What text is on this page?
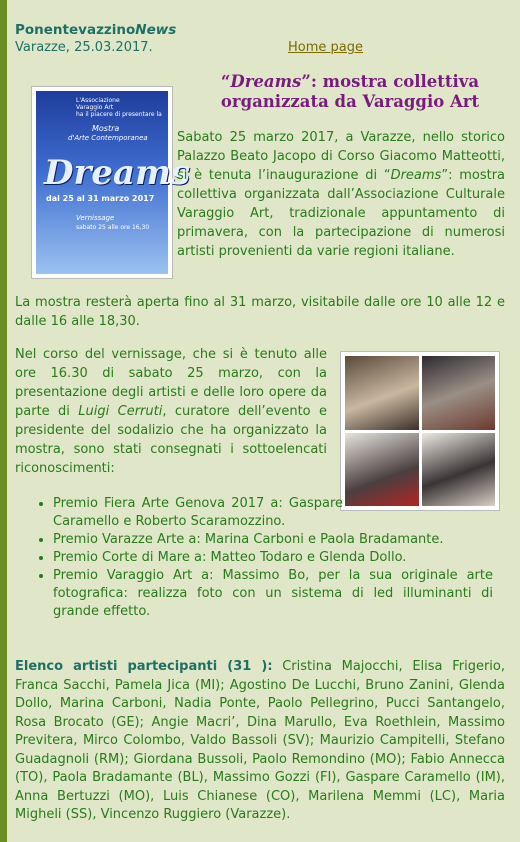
PonentevazzinoNews
Varazze, 25.03.2017.	Home page
“Dreams”: mostra collettiva organizzata da Varaggio Art
L'Associazione
Varaggio Art
ha il piacere di presentare la
Mostra
d'Arte Contemporanea
Dreams
dal 25 al 31 marzo 2017
Vernissage
sabato 25 alle ore 16,30
Sabato 25 marzo 2017, a Varazze, nello storico Palazzo Beato Jacopo di Corso Giacomo Matteotti, si è tenuta l’inaugurazione di “Dreams”: mostra collettiva organizzata dall’Associazione Culturale Varaggio Art, tradizionale appuntamento di primavera, con la partecipazione di numerosi artisti provenienti da varie regioni italiane.
La mostra resterà aperta fino al 31 marzo, visitabile dalle ore 10 alle 12 e dalle 16 alle 18,30.
Nel corso del vernissage, che si è tenuto alle ore 16.30 di sabato 25 marzo, con la presentazione degli artisti e delle loro opere da parte di Luigi Cerruti, curatore dell’evento e presidente del sodalizio che ha organizzato la mostra, sono stati consegnati i sottoelencati riconoscimenti:
• Premio Fiera Arte Genova 2017 a: Gaspare Caramello e Roberto Scaramozzino.
• Premio Varazze Arte a: Marina Carboni e Paola Bradamante.
• Premio Corte di Mare a: Matteo Todaro e Glenda Dollo.
• Premio Varaggio Art a: Massimo Bo, per la sua originale arte fotografica: realizza foto con un sistema di led illuminanti di grande effetto.
Elenco artisti partecipanti (31 ): Cristina Majocchi, Elisa Frigerio, Franca Sacchi, Pamela Jica (MI); Agostino De Lucchi, Bruno Zanini, Glenda Dollo, Marina Carboni, Nadia Ponte, Paolo Pellegrino, Pucci Santangelo, Rosa Brocato (GE); Angie Macri’, Dina Marullo, Eva Roethlein, Massimo Previtera, Mirco Colombo, Valdo Bassoli (SV); Maurizio Campitelli, Stefano Guadagnoli (RM); Giordana Bussoli, Paolo Remondino (MO); Fabio Annecca (TO), Paola Bradamante (BL), Massimo Gozzi (FI), Gaspare Caramello (IM), Anna Bertuzzi (MO), Luis Chianese (CO), Marilena Memmi (LC), Maria Migheli (SS), Vincenzo Ruggiero (Varazze).
